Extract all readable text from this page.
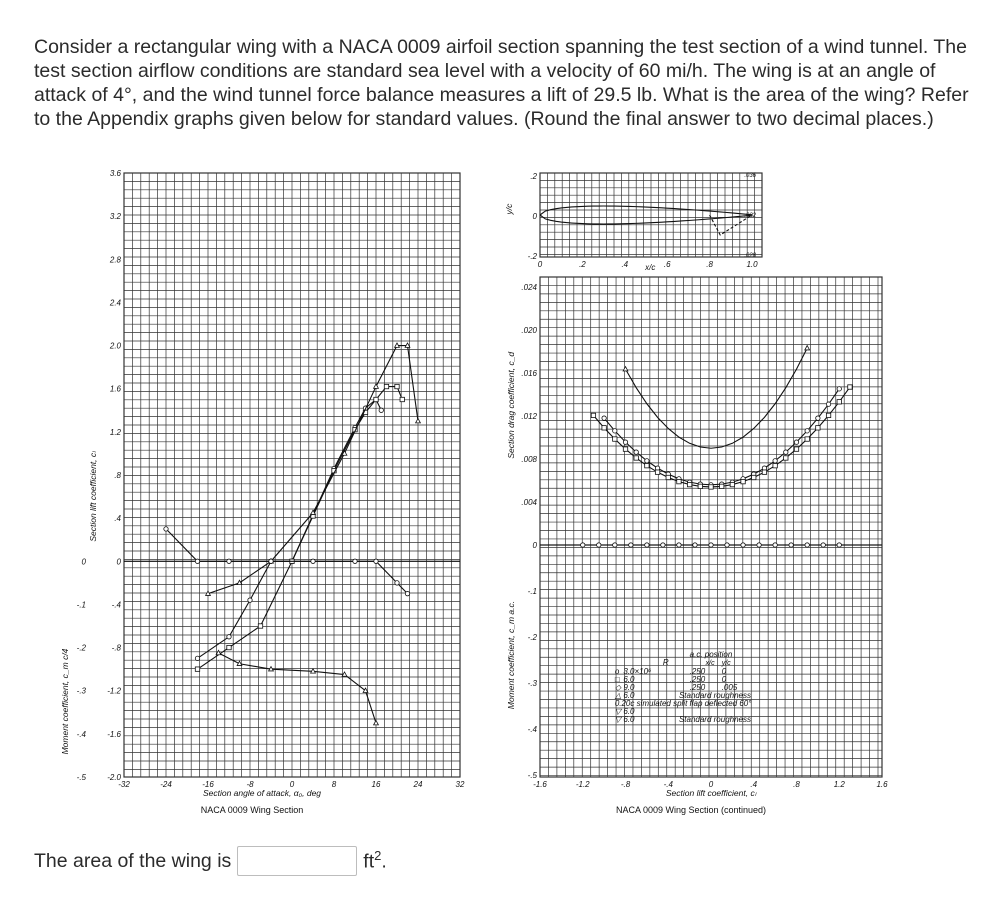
Consider a rectangular wing with a NACA 0009 airfoil section spanning the test section of a wind tunnel. The test section airflow conditions are standard sea level with a velocity of 60 mi/h. The wing is at an angle of attack of 4°, and the wind tunnel force balance measures a lift of 29.5 lb. What is the area of the wing? Refer to the Appendix graphs given below for standard values. (Round the final answer to two decimal places.)

3.6
3.2
2.8
2.4
2.0
1.6
1.2
.8
.4
0
-.4
-.8
-1.2
-1.6
-2.0
0
-.1
-.2
-.3
-.4
-.5
-32	-24	-16	-8	0	8	16	24	32
Section angle of attack, α₀, deg
NACA 0009 Wing Section
Section lift coefficient, cₗ
Moment coefficient, c_m c/4
0	.2	.4	.6	.8	1.0
.2
0
-.2
.036
.032
.028
x/c
y/c
.024
.020
.016
.012
.008
.004
0
-.1
-.2
-.3
-.4
-.5
-1.6	-1.2	-.8	-.4	0	.4	.8	1.2	1.6
Section lift coefficient, cₗ
NACA 0009 Wing Section (continued)
Section drag coefficient, c_d
Moment coefficient, c_m a.c.	a.c. position
R	x/c y/c
o 3.0×10⁶	.250 0
□ 6.0	.250 0
◇ 9.0	.250 .005
△ 6.0	Standard roughness
0.20c simulated split flap deflected 60°
▽ 6.0
▽ 6.0	Standard roughness
The area of the wing is	$ft^2$.
